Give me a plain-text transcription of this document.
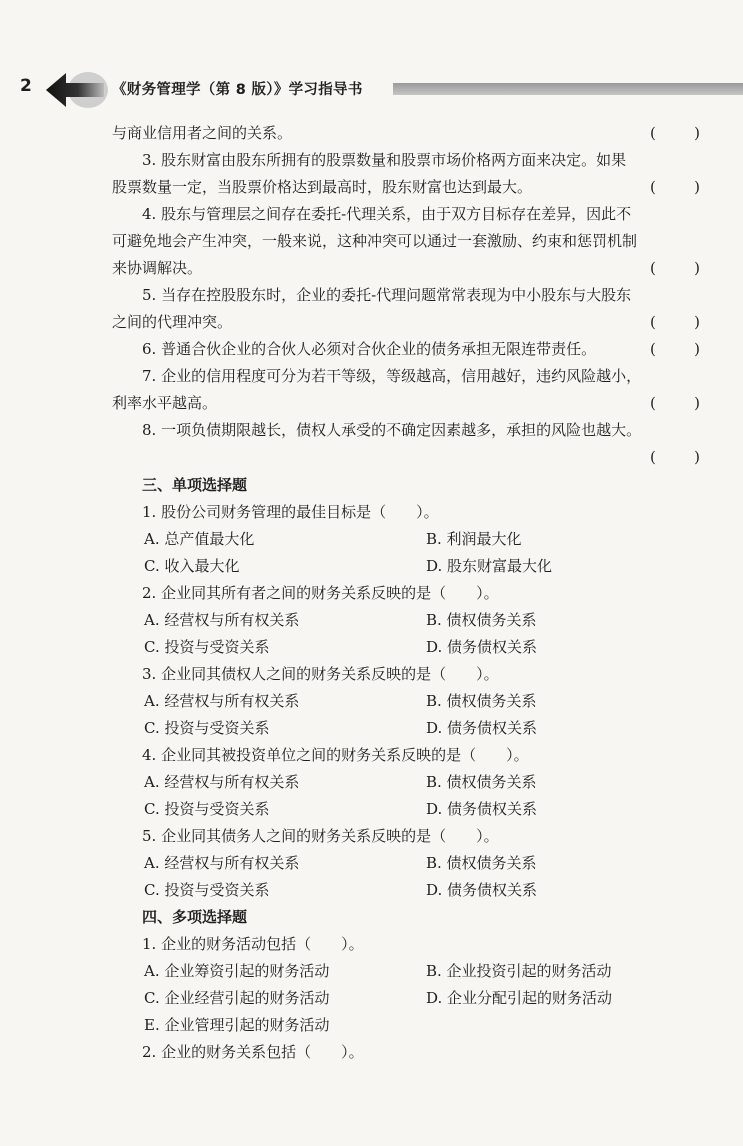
2	《财务管理学（第 8 版）》学习指导书
与商业信用者之间的关系。	(	)
3. 股东财富由股东所拥有的股票数量和股票市场价格两方面来决定。如果
股票数量一定，当股票价格达到最高时，股东财富也达到最大。	(	)
4. 股东与管理层之间存在委托-代理关系，由于双方目标存在差异，因此不
可避免地会产生冲突，一般来说，这种冲突可以通过一套激励、约束和惩罚机制
来协调解决。	(	)
5. 当存在控股股东时，企业的委托-代理问题常常表现为中小股东与大股东
之间的代理冲突。	(	)
6. 普通合伙企业的合伙人必须对合伙企业的债务承担无限连带责任。	(	)
7. 企业的信用程度可分为若干等级，等级越高，信用越好，违约风险越小，
利率水平越高。	(	)
8. 一项负债期限越长，债权人承受的不确定因素越多，承担的风险也越大。
(	)
三、单项选择题
1. 股份公司财务管理的最佳目标是（　　）。
A. 总产值最大化	B. 利润最大化
C. 收入最大化	D. 股东财富最大化
2. 企业同其所有者之间的财务关系反映的是（　　）。
A. 经营权与所有权关系	B. 债权债务关系
C. 投资与受资关系	D. 债务债权关系
3. 企业同其债权人之间的财务关系反映的是（　　）。
A. 经营权与所有权关系	B. 债权债务关系
C. 投资与受资关系	D. 债务债权关系
4. 企业同其被投资单位之间的财务关系反映的是（　　）。
A. 经营权与所有权关系	B. 债权债务关系
C. 投资与受资关系	D. 债务债权关系
5. 企业同其债务人之间的财务关系反映的是（　　）。
A. 经营权与所有权关系	B. 债权债务关系
C. 投资与受资关系	D. 债务债权关系
四、多项选择题
1. 企业的财务活动包括（　　）。
A. 企业筹资引起的财务活动	B. 企业投资引起的财务活动
C. 企业经营引起的财务活动	D. 企业分配引起的财务活动
E. 企业管理引起的财务活动
2. 企业的财务关系包括（　　）。
